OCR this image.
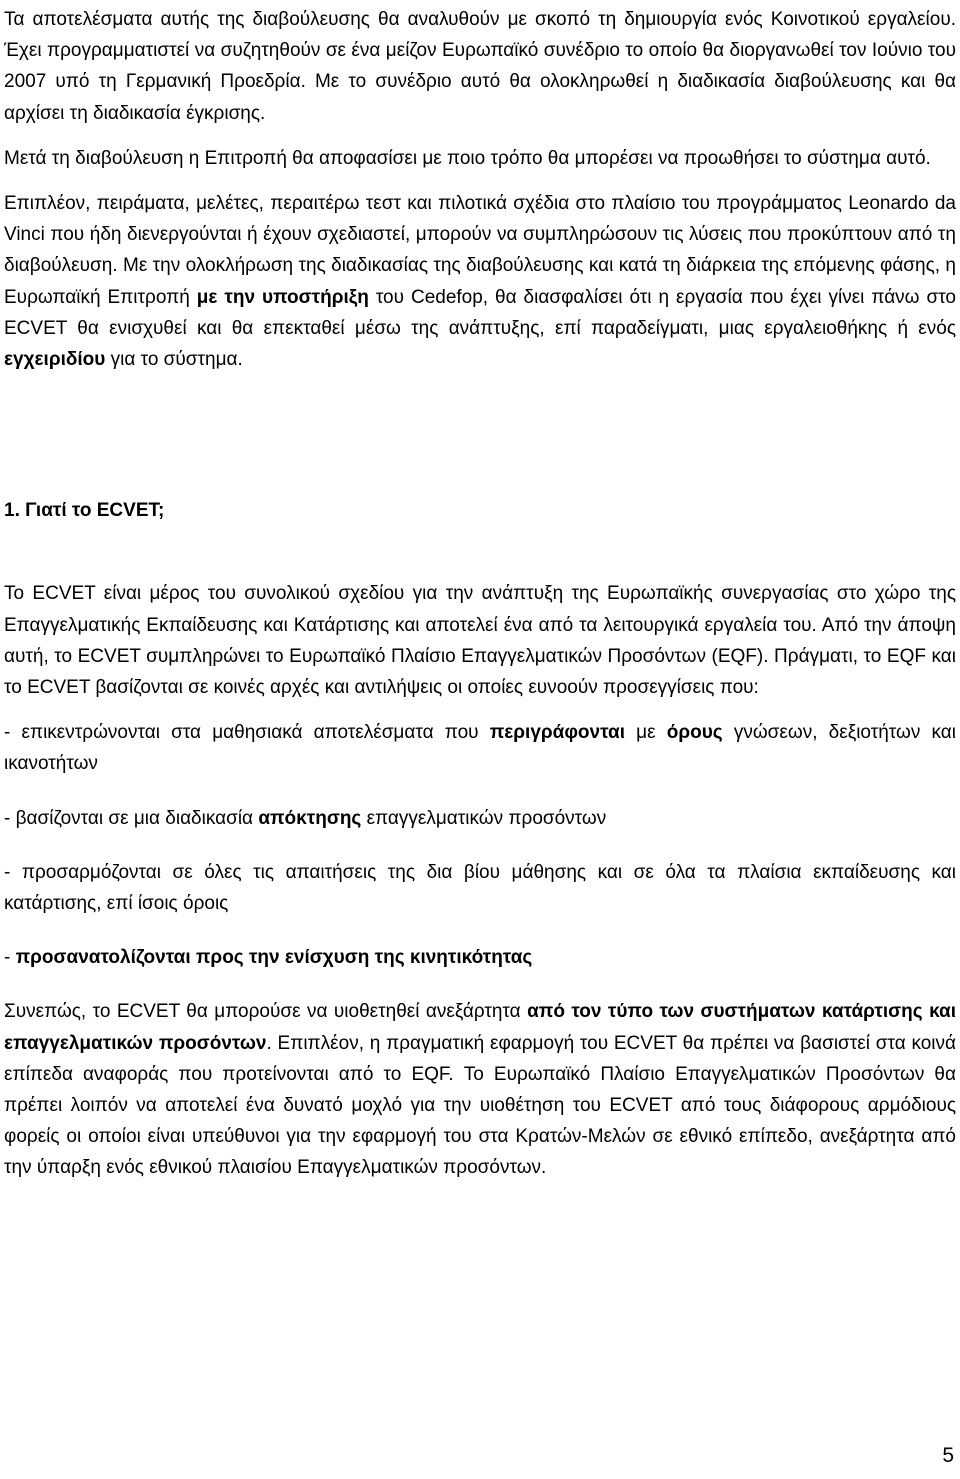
Τα αποτελέσματα αυτής της διαβούλευσης θα αναλυθούν με σκοπό τη δημιουργία ενός Κοινοτικού εργαλείου. Έχει προγραμματιστεί να συζητηθούν σε ένα μείζον Ευρωπαϊκό συνέδριο το οποίο θα διοργανωθεί τον Ιούνιο του 2007 υπό τη Γερμανική Προεδρία. Με το συνέδριο αυτό θα ολοκληρωθεί η διαδικασία διαβούλευσης και θα αρχίσει τη διαδικασία έγκρισης.

Μετά τη διαβούλευση η Επιτροπή θα αποφασίσει με ποιο τρόπο θα μπορέσει να προωθήσει το σύστημα αυτό.

Επιπλέον, πειράματα, μελέτες, περαιτέρω τεστ και πιλοτικά σχέδια στο πλαίσιο του προγράμματος Leonardo da Vinci που ήδη διενεργούνται ή έχουν σχεδιαστεί, μπορούν να συμπληρώσουν τις λύσεις που προκύπτουν από τη διαβούλευση. Με την ολοκλήρωση της διαδικασίας της διαβούλευσης και κατά τη διάρκεια της επόμενης φάσης, η Ευρωπαϊκή Επιτροπή με την υποστήριξη του Cedefop, θα διασφαλίσει ότι η εργασία που έχει γίνει πάνω στο ECVET θα ενισχυθεί και θα επεκταθεί μέσω της ανάπτυξης, επί παραδείγματι, μιας εργαλειοθήκης ή ενός εγχειριδίου για το σύστημα.

1. Γιατί το ECVET;

Το ECVET είναι μέρος του συνολικού σχεδίου για την ανάπτυξη της Ευρωπαϊκής συνεργασίας στο χώρο της Επαγγελματικής Εκπαίδευσης και Κατάρτισης και αποτελεί ένα από τα λειτουργικά εργαλεία του. Από την άποψη αυτή, το ECVET συμπληρώνει το Ευρωπαϊκό Πλαίσιο Επαγγελματικών Προσόντων (EQF). Πράγματι, το EQF και το ECVET βασίζονται σε κοινές αρχές και αντιλήψεις οι οποίες ευνοούν προσεγγίσεις που:

- επικεντρώνονται στα μαθησιακά αποτελέσματα που περιγράφονται με όρους γνώσεων, δεξιοτήτων και ικανοτήτων

- βασίζονται σε μια διαδικασία απόκτησης επαγγελματικών προσόντων

- προσαρμόζονται σε όλες τις απαιτήσεις της δια βίου μάθησης και σε όλα τα πλαίσια εκπαίδευσης και κατάρτισης, επί ίσοις όροις

- προσανατολίζονται προς την ενίσχυση της κινητικότητας

Συνεπώς, το ECVET θα μπορούσε να υιοθετηθεί ανεξάρτητα από τον τύπο των συστήματων κατάρτισης και επαγγελματικών προσόντων. Επιπλέον, η πραγματική εφαρμογή του ECVET θα πρέπει να βασιστεί στα κοινά επίπεδα αναφοράς που προτείνονται από το EQF. Το Ευρωπαϊκό Πλαίσιο Επαγγελματικών Προσόντων θα πρέπει λοιπόν να αποτελεί ένα δυνατό μοχλό για την υιοθέτηση του ECVET από τους διάφορους αρμόδιους φορείς οι οποίοι είναι υπεύθυνοι για την εφαρμογή του στα Κρατών-Μελών σε εθνικό επίπεδο, ανεξάρτητα από την ύπαρξη ενός εθνικού πλαισίου Επαγγελματικών προσόντων.

5
